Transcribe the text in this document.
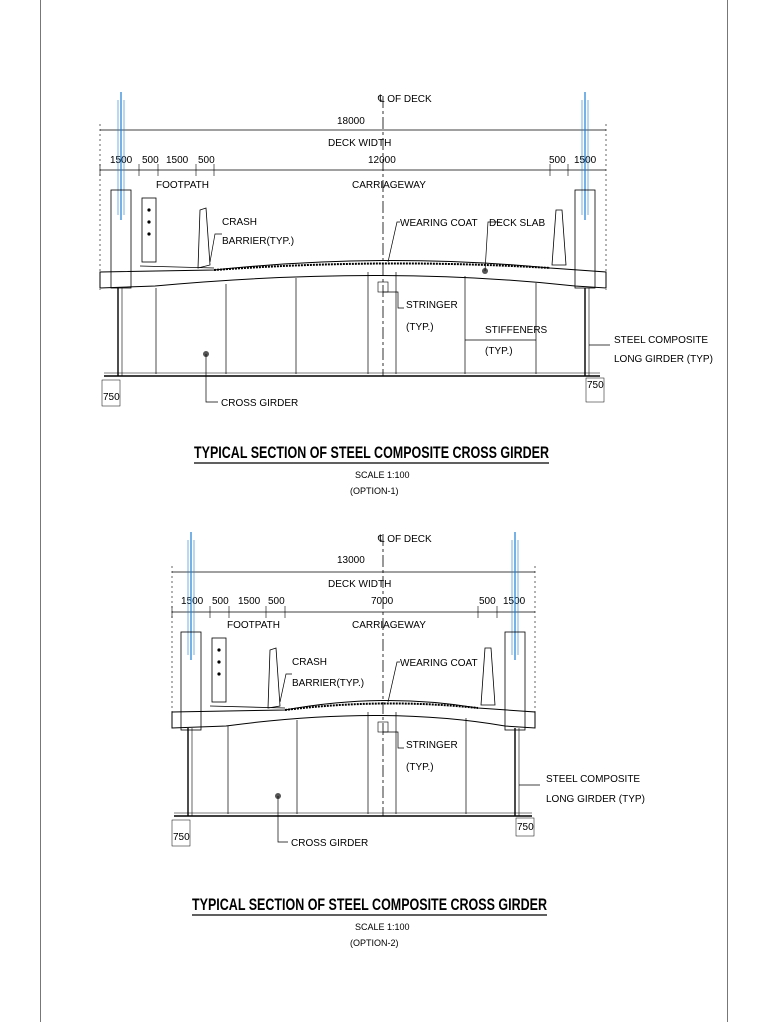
℄ OF DECK
18000
DECK WIDTH
1500 500 1500 500	12000	500 1500
FOOTPATH	CARRIAGEWAY
CRASH
BARRIER(TYP.)
WEARING COAT DECK SLAB
STRINGER
(TYP.)	STIFFENERS
(TYP.)
STEEL COMPOSITE
LONG GIRDER (TYP)
CROSS GIRDER
750
750
TYPICAL SECTION OF STEEL COMPOSITE CROSS GIRDER
SCALE 1:100
(OPTION-1)
℄ OF DECK
13000
DECK WIDTH
1500 500 1500 500	7000	500 1500
FOOTPATH	CARRIAGEWAY
CRASH
BARRIER(TYP.)
WEARING COAT
STRINGER
(TYP.)
STEEL COMPOSITE
LONG GIRDER (TYP)
CROSS GIRDER
750
750
TYPICAL SECTION OF STEEL COMPOSITE CROSS GIRDER
SCALE 1:100
(OPTION-2)
